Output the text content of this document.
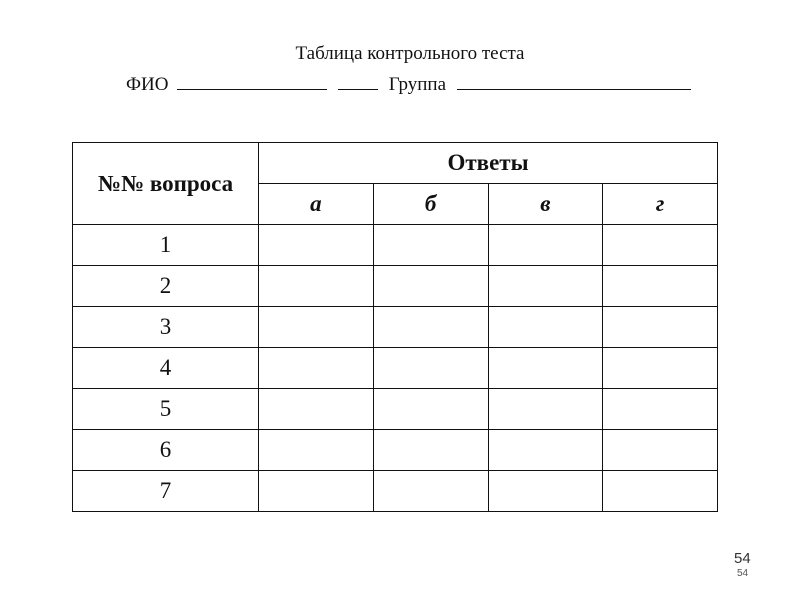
Таблица контрольного теста
ФИО	Группа
№№ вопроса	Ответы			
	а	б	в	г
1				
2				
3				
4				
5				
6				
7				
54
54
